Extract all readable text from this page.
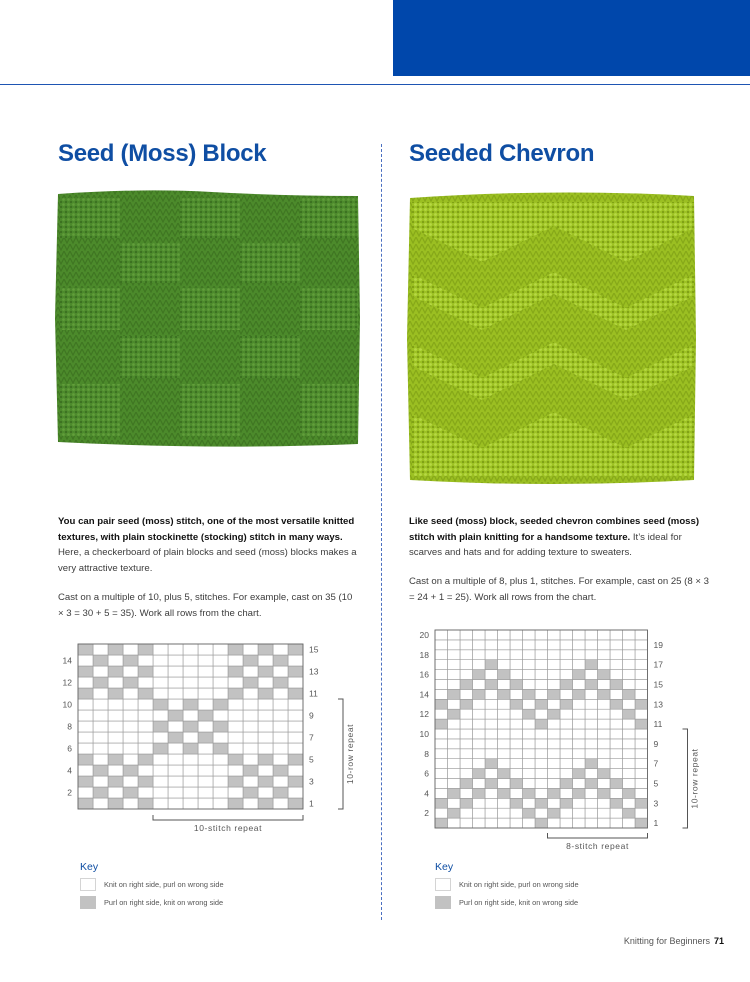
Seed (Moss) Block

You can pair seed (moss) stitch, one of the most versatile knitted textures, with plain stockinette (stocking) stitch in many ways. Here, a checkerboard of plain blocks and seed (moss) blocks makes a very attractive texture.

Cast on a multiple of 10, plus 5, stitches. For example, cast on 35 (10 × 3 = 30 + 5 = 35). Work all rows from the chart.

15
13
11
9
7
5
3
1
14
12
10
8
6
4
2
10-row repeat
10-stitch repeat
Key
Knit on right side, purl on wrong side
Purl on right side, knit on wrong side
Seeded Chevron

Like seed (moss) block, seeded chevron combines seed (moss) stitch with plain knitting for a handsome texture. It’s ideal for scarves and hats and for adding texture to sweaters.

Cast on a multiple of 8, plus 1, stitches. For example, cast on 25 (8 × 3 = 24 + 1 = 25). Work all rows from the chart.

19
17
15
13
11
9
7
5
3
1
20
18
16
14
12
10
8
6
4
2
10-row repeat
8-stitch repeat
Key
Knit on right side, purl on wrong side
Purl on right side, knit on wrong side
Knitting for Beginners 71
